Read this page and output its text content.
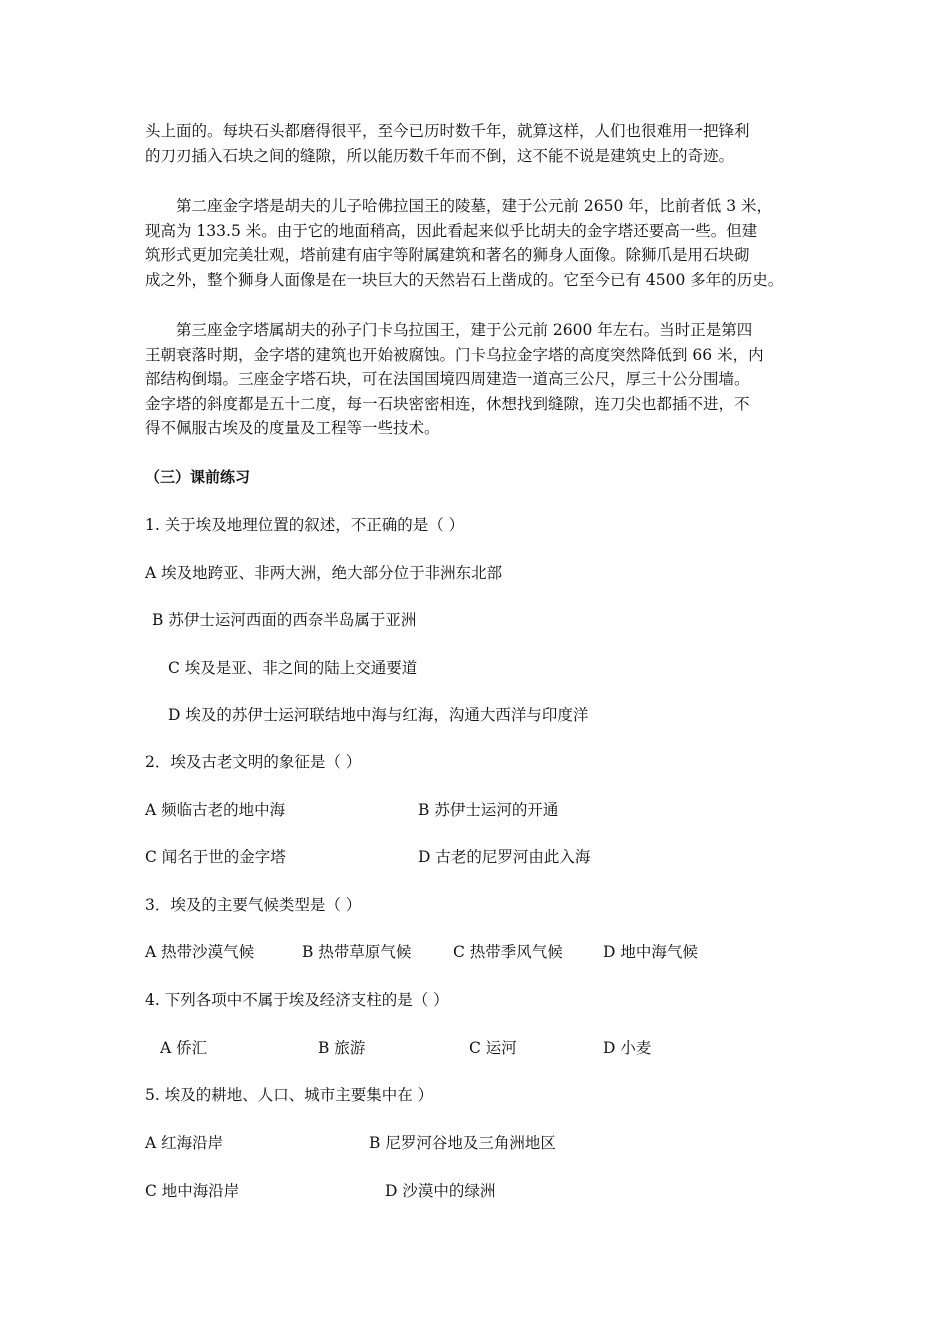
头上面的。每块石头都磨得很平，至今已历时数千年，就算这样，人们也很难用一把锋利
的刀刃插入石块之间的缝隙，所以能历数千年而不倒，这不能不说是建筑史上的奇迹。
　　第二座金字塔是胡夫的儿子哈佛拉国王的陵墓，建于公元前 2650 年，比前者低 3 米，
现高为 133.5 米。由于它的地面稍高，因此看起来似乎比胡夫的金字塔还要高一些。但建
筑形式更加完美壮观，塔前建有庙宇等附属建筑和著名的狮身人面像。除狮爪是用石块砌
成之外，整个狮身人面像是在一块巨大的天然岩石上凿成的。它至今已有 4500 多年的历史。
　　第三座金字塔属胡夫的孙子门卡乌拉国王，建于公元前 2600 年左右。当时正是第四
王朝衰落时期，金字塔的建筑也开始被腐蚀。门卡乌拉金字塔的高度突然降低到 66 米，内
部结构倒塌。三座金字塔石块，可在法国国境四周建造一道高三公尺，厚三十公分围墙。
金字塔的斜度都是五十二度，每一石块密密相连，休想找到缝隙，连刀尖也都插不进，不
得不佩服古埃及的度量及工程等一些技术。

（三）课前练习

1. 关于埃及地理位置的叙述，不正确的是（ ）

A 埃及地跨亚、非两大洲，绝大部分位于非洲东北部

B 苏伊士运河西面的西奈半岛属于亚洲

C 埃及是亚、非之间的陆上交通要道

D 埃及的苏伊士运河联结地中海与红海，沟通大西洋与印度洋

2．埃及古老文明的象征是（ ）

A 频临古老的地中海	B 苏伊士运河的开通

C 闻名于世的金字塔	D 古老的尼罗河由此入海

3．埃及的主要气候类型是（ ）

A 热带沙漠气候	B 热带草原气候	C 热带季风气候	D 地中海气候

4. 下列各项中不属于埃及经济支柱的是（ ）

A 侨汇	B 旅游	C 运河	D 小麦

5. 埃及的耕地、人口、城市主要集中在 ）

A 红海沿岸	B 尼罗河谷地及三角洲地区

C 地中海沿岸	D 沙漠中的绿洲
